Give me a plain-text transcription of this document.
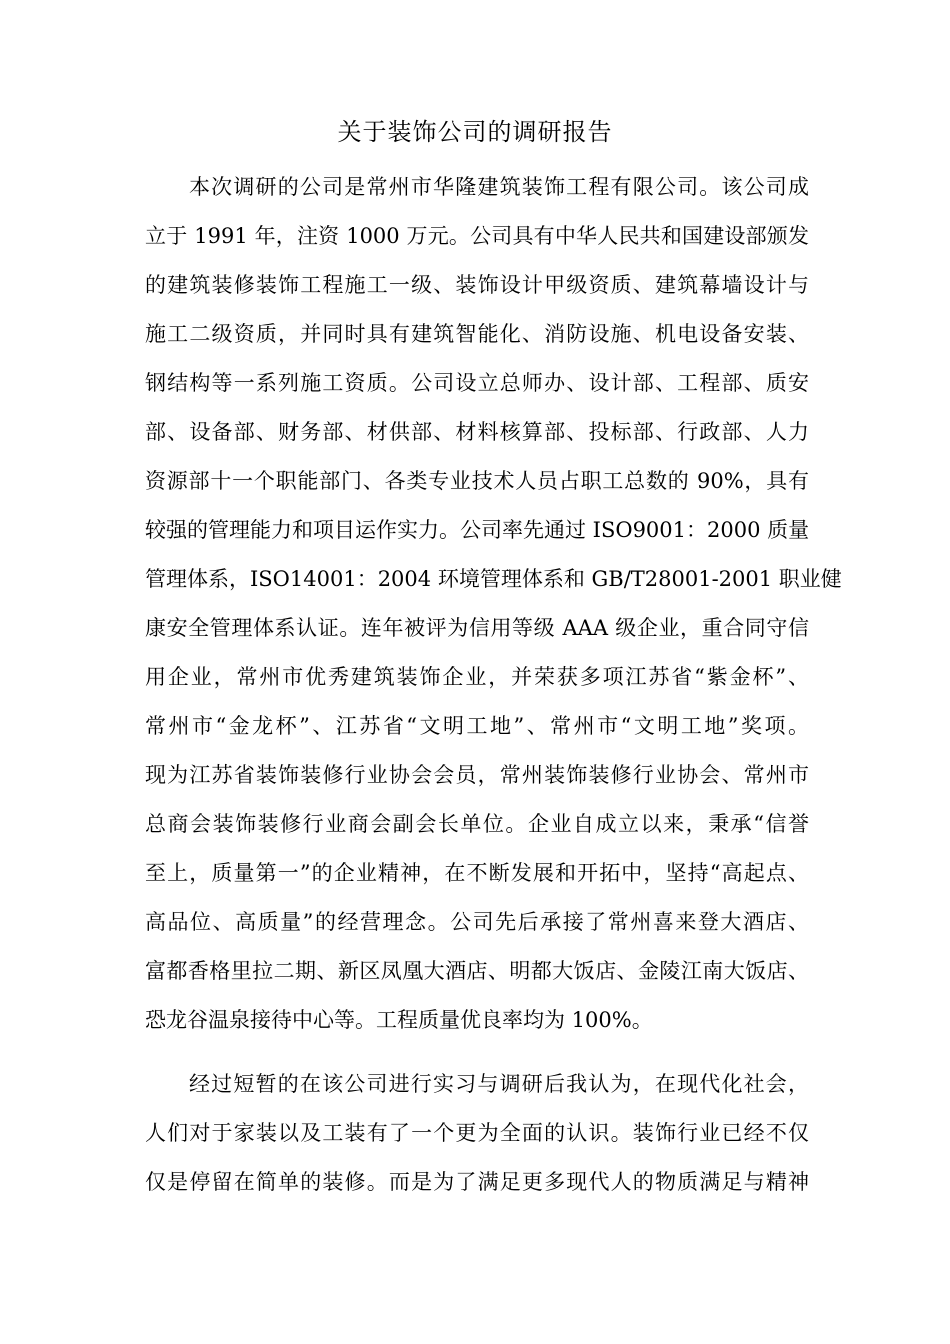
关于装饰公司的调研报告
本次调研的公司是常州市华隆建筑装饰工程有限公司。该公司成
立于 1991 年，注资 1000 万元。公司具有中华人民共和国建设部颁发
的建筑装修装饰工程施工一级、装饰设计甲级资质、建筑幕墙设计与
施工二级资质，并同时具有建筑智能化、消防设施、机电设备安装、
钢结构等一系列施工资质。公司设立总师办、设计部、工程部、质安
部、设备部、财务部、材供部、材料核算部、投标部、行政部、人力
资源部十一个职能部门、各类专业技术人员占职工总数的 90%，具有
较强的管理能力和项目运作实力。公司率先通过 ISO9001：2000 质量
管理体系，ISO14001：2004 环境管理体系和 GB/T28001-2001 职业健
康安全管理体系认证。连年被评为信用等级 AAA 级企业，重合同守信
用企业，常州市优秀建筑装饰企业，并荣获多项江苏省“紫金杯”、
常州市“金龙杯”、江苏省“文明工地”、常州市“文明工地”奖项。
现为江苏省装饰装修行业协会会员，常州装饰装修行业协会、常州市
总商会装饰装修行业商会副会长单位。企业自成立以来，秉承“信誉
至上，质量第一”的企业精神，在不断发展和开拓中，坚持“高起点、
高品位、高质量”的经营理念。公司先后承接了常州喜来登大酒店、
富都香格里拉二期、新区凤凰大酒店、明都大饭店、金陵江南大饭店、
恐龙谷温泉接待中心等。工程质量优良率均为 100%。
经过短暂的在该公司进行实习与调研后我认为，在现代化社会，
人们对于家装以及工装有了一个更为全面的认识。装饰行业已经不仅
仅是停留在简单的装修。而是为了满足更多现代人的物质满足与精神
